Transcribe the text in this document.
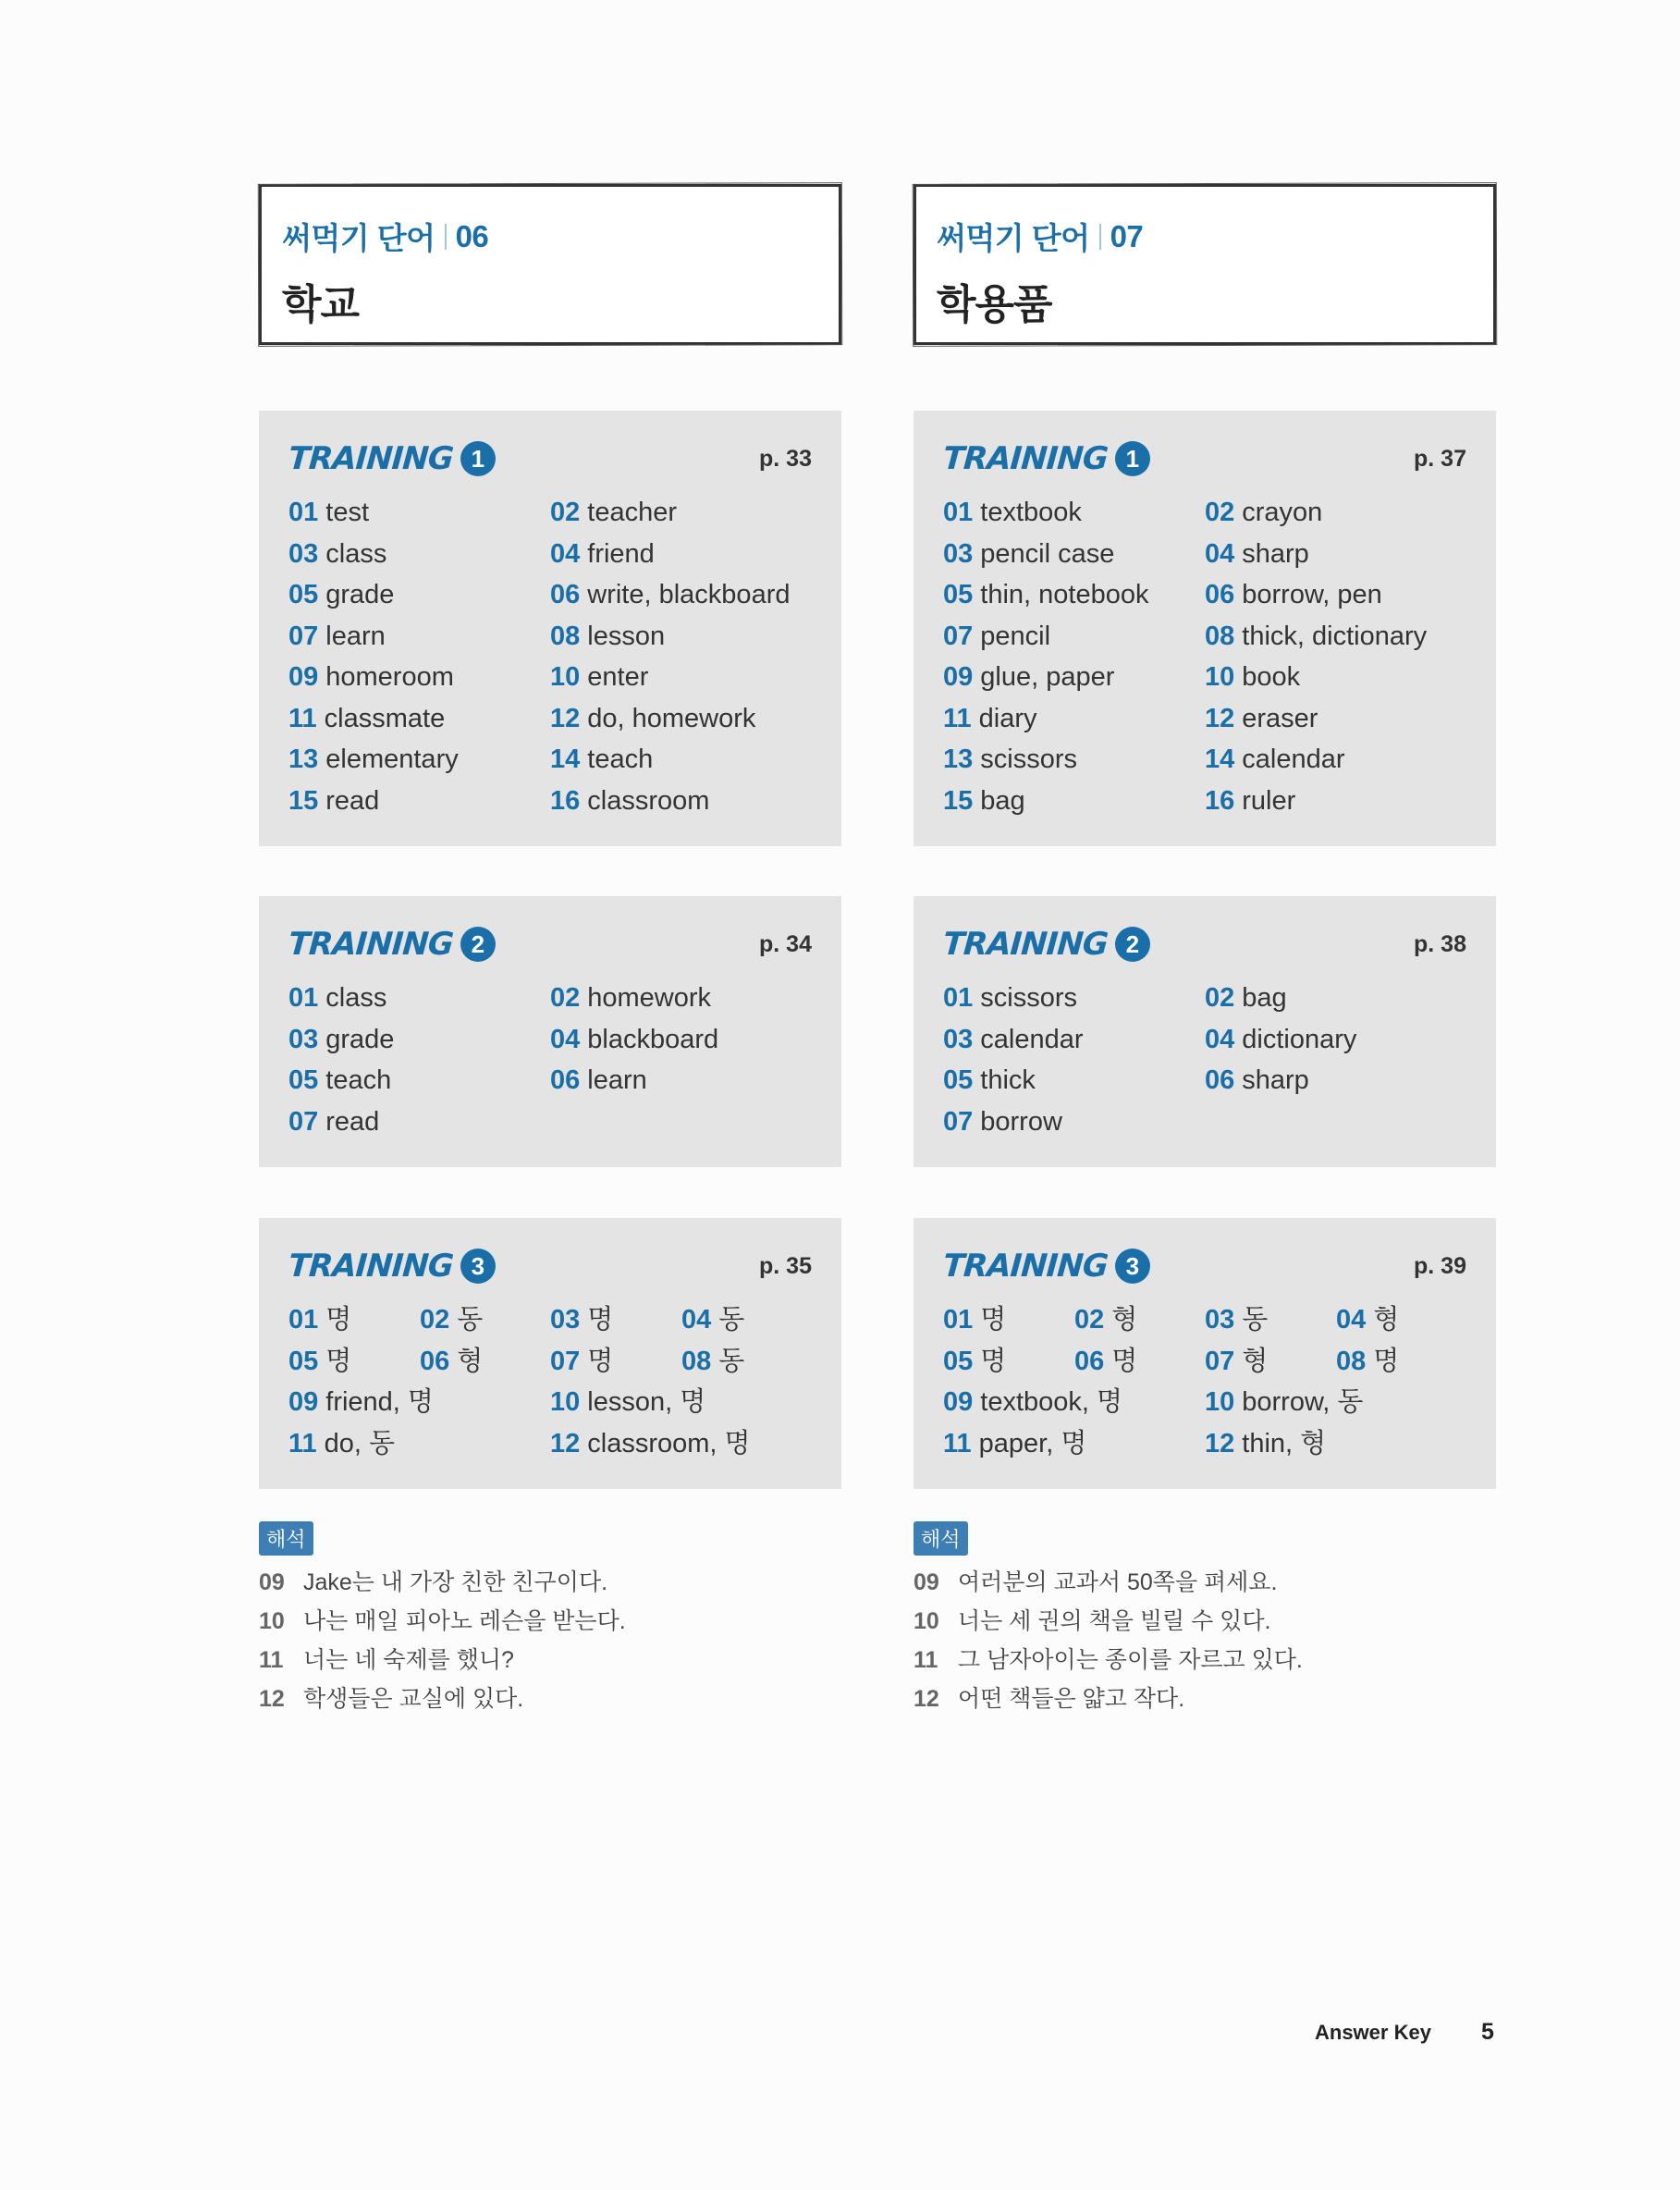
써먹기 단어 06
학교
TRAINING 1	p. 33
01 test	02 teacher
03 class	04 friend
05 grade	06 write, blackboard
07 learn	08 lesson
09 homeroom	10 enter
11 classmate	12 do, homework
13 elementary	14 teach
15 read	16 classroom
TRAINING 2	p. 34
01 class	02 homework
03 grade	04 blackboard
05 teach	06 learn
07 read
TRAINING 3	p. 35
01 명	02 동	03 명	04 동
05 명	06 형	07 명	08 동
09 friend, 명	10 lesson, 명
11 do, 동	12 classroom, 명
해석
09 Jake는 내 가장 친한 친구이다.
10 나는 매일 피아노 레슨을 받는다.
11 너는 네 숙제를 했니?
12 학생들은 교실에 있다.
써먹기 단어 07
학용품
TRAINING 1	p. 37
01 textbook	02 crayon
03 pencil case	04 sharp
05 thin, notebook	06 borrow, pen
07 pencil	08 thick, dictionary
09 glue, paper	10 book
11 diary	12 eraser
13 scissors	14 calendar
15 bag	16 ruler
TRAINING 2	p. 38
01 scissors	02 bag
03 calendar	04 dictionary
05 thick	06 sharp
07 borrow
TRAINING 3	p. 39
01 명	02 형	03 동	04 형
05 명	06 명	07 형	08 명
09 textbook, 명	10 borrow, 동
11 paper, 명	12 thin, 형
해석
09 여러분의 교과서 50쪽을 펴세요.
10 너는 세 권의 책을 빌릴 수 있다.
11 그 남자아이는 종이를 자르고 있다.
12 어떤 책들은 얇고 작다.
Answer Key 5
